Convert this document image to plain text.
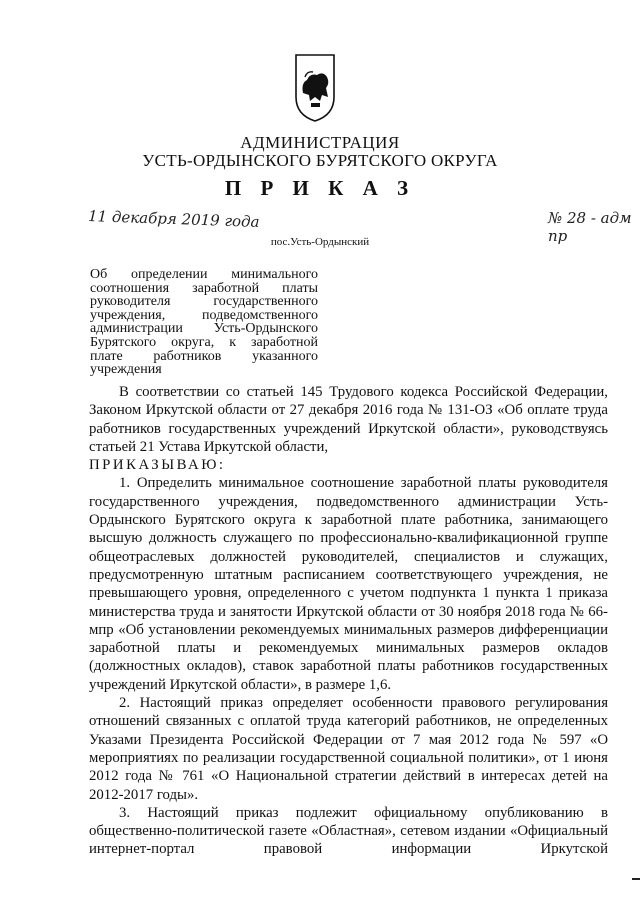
АДМИНИСТРАЦИЯ
УСТЬ-ОРДЫНСКОГО БУРЯТСКОГО ОКРУГА
П Р И К А З
11 декабря 2019 года	№ 28 - адм пр
пос.Усть-Ордынский
Об определении минимального соотношения заработной платы руководителя государственного учреждения, подведомственного администрации Усть-Ордынского Бурятского округа, к заработной плате работников указанного учреждения

В соответствии со статьей 145 Трудового кодекса Российской Федерации, Законом Иркутской области от 27 декабря 2016 года № 131-ОЗ «Об оплате труда работников государственных учреждений Иркутской области», руководствуясь статьей 21 Устава Иркутской области,

ПРИКАЗЫВАЮ:

1. Определить минимальное соотношение заработной платы руководителя государственного учреждения, подведомственного администрации Усть-Ордынского Бурятского округа к заработной плате работника, занимающего высшую должность служащего по профессионально-квалификационной группе общеотраслевых должностей руководителей, специалистов и служащих, предусмотренную штатным расписанием соответствующего учреждения, не превышающего уровня, определенного с учетом подпункта 1 пункта 1 приказа министерства труда и занятости Иркутской области от 30 ноября 2018 года № 66-мпр «Об установлении рекомендуемых минимальных размеров дифференциации заработной платы и рекомендуемых минимальных размеров окладов (должностных окладов), ставок заработной платы работников государственных учреждений Иркутской области», в размере 1,6.

2. Настоящий приказ определяет особенности правового регулирования отношений связанных с оплатой труда категорий работников, не определенных Указами Президента Российской Федерации от 7 мая 2012 года № 597 «О мероприятиях по реализации государственной социальной политики», от 1 июня 2012 года № 761 «О Национальной стратегии действий в интересах детей на 2012-2017 годы».

3. Настоящий приказ подлежит официальному опубликованию в общественно-политической газете «Областная», сетевом издании «Официальный интернет-портал правовой информации Иркутской
